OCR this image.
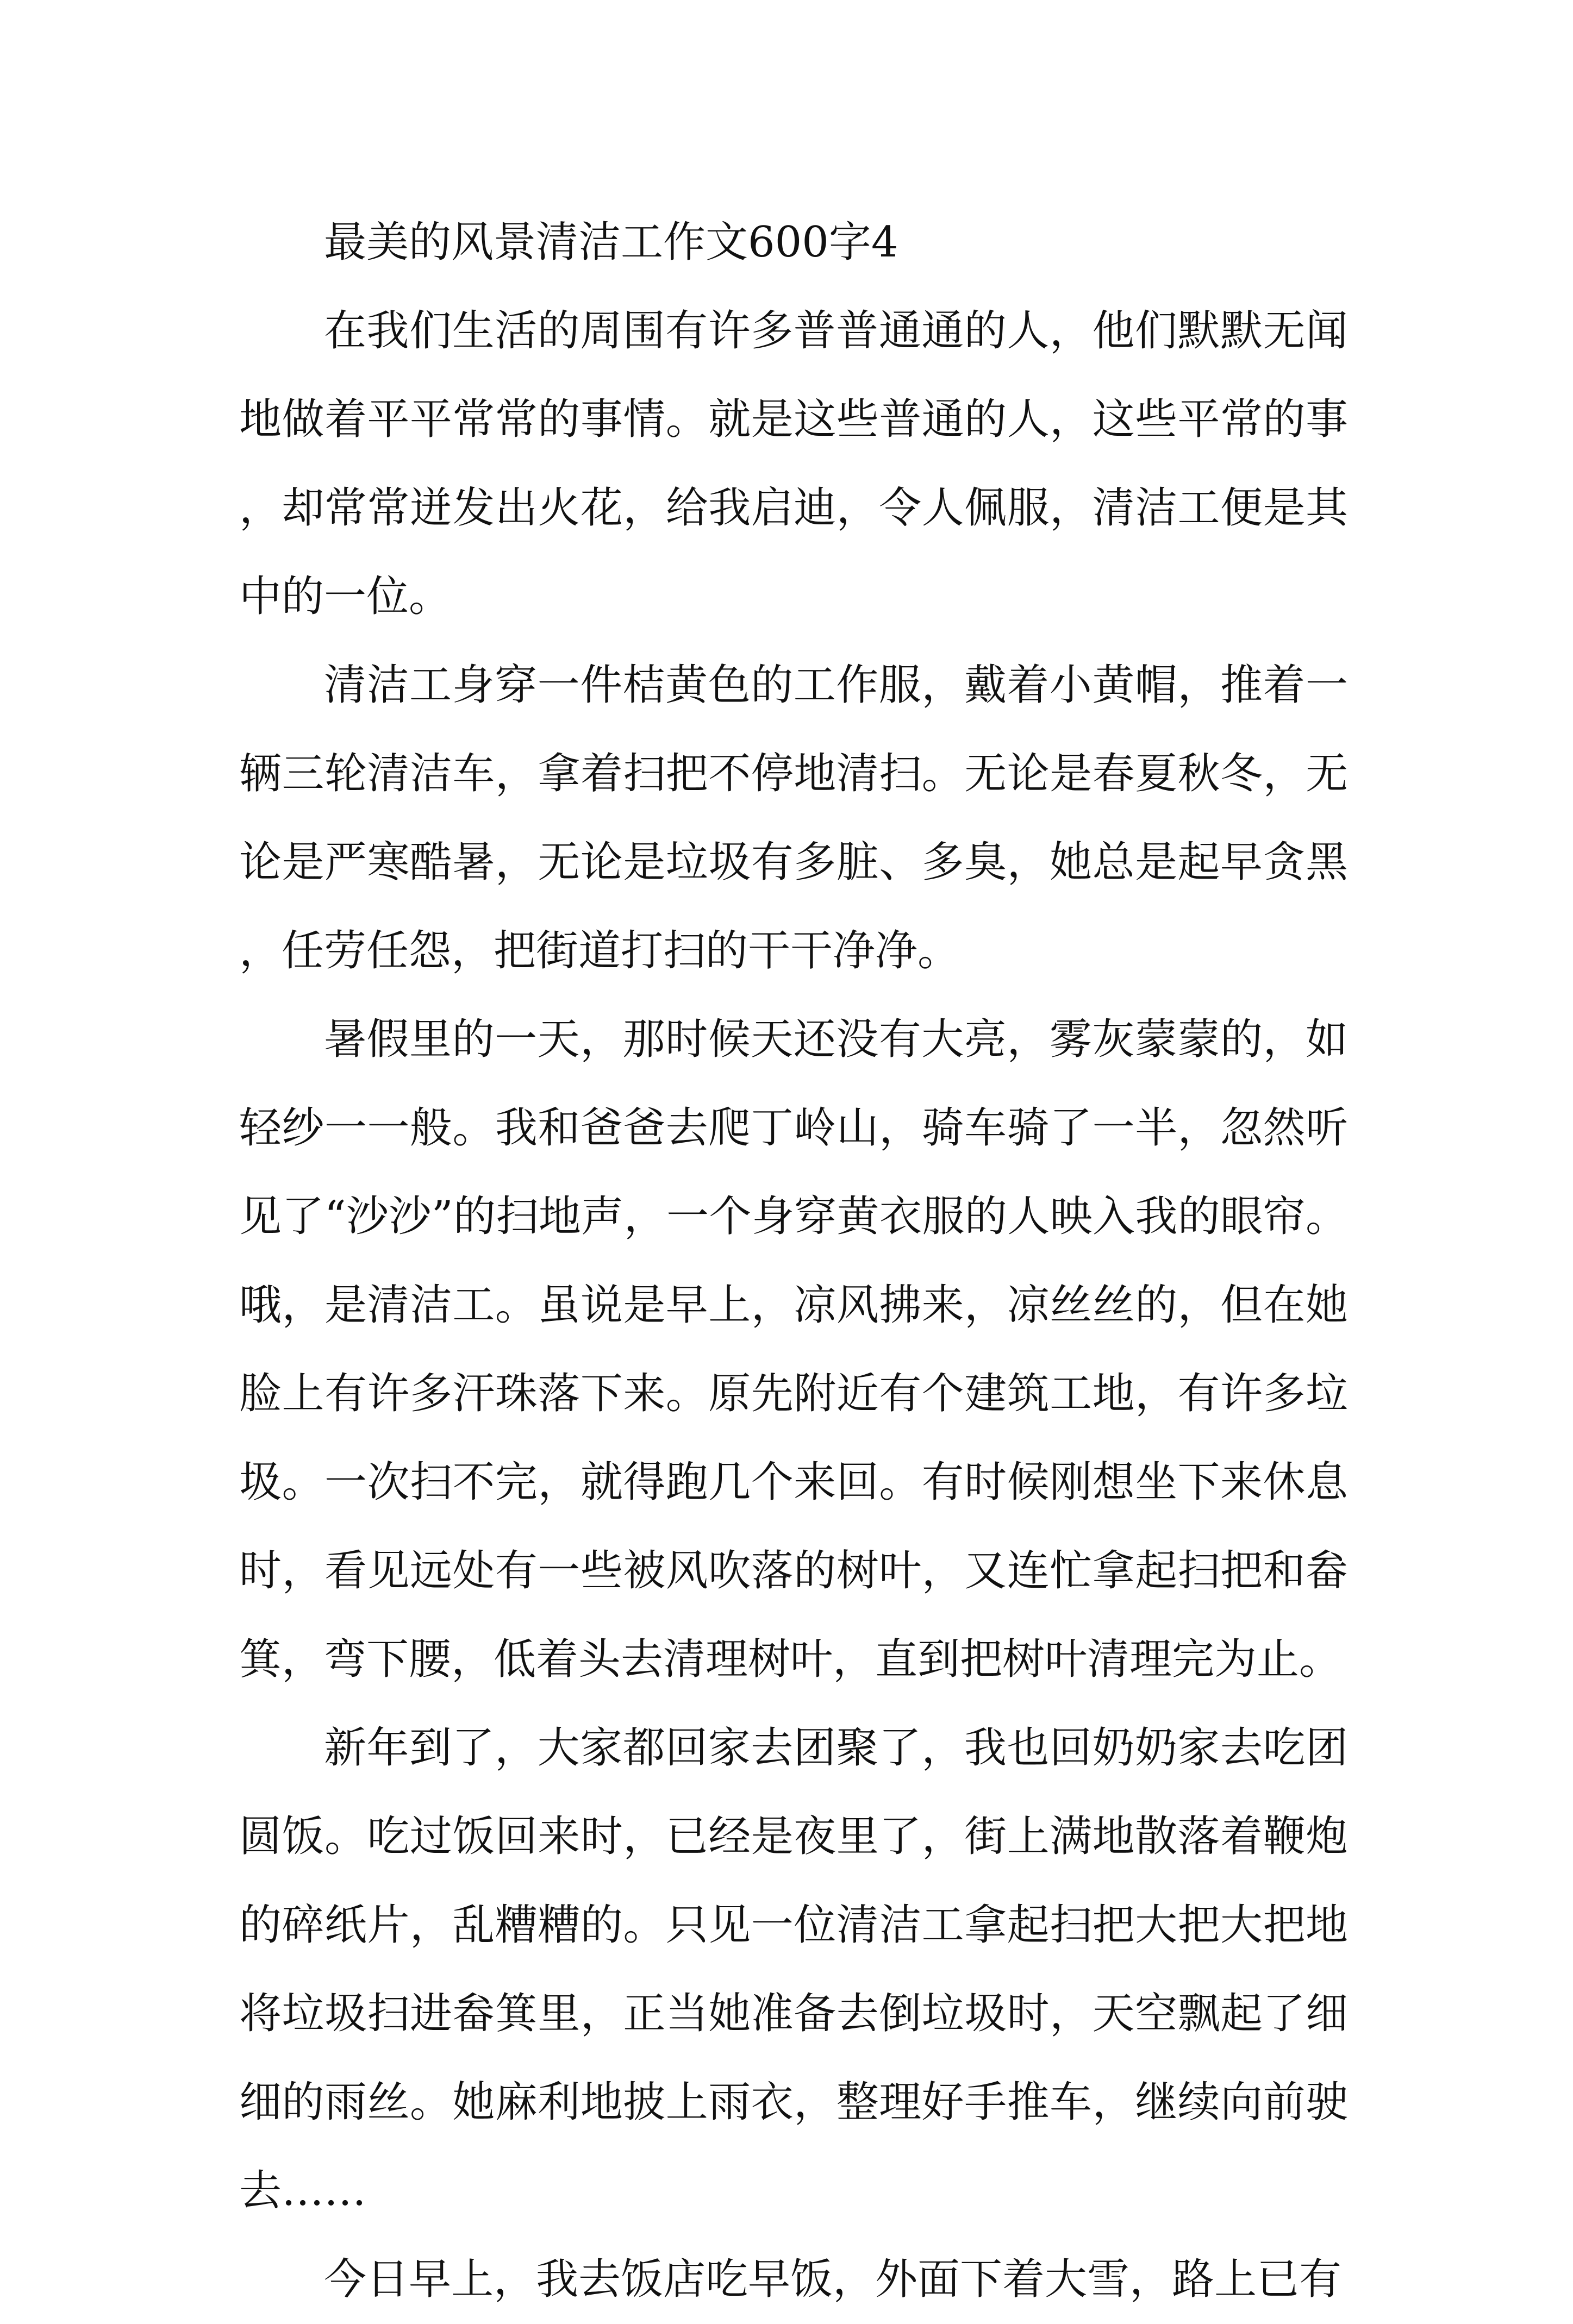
最美的风景清洁工作文600字4

在我们生活的周围有许多普普通通的人，他们默默无闻地做着平平常常的事情。就是这些普通的人，这些平常的事，却常常迸发出火花，给我启迪，令人佩服，清洁工便是其中的一位。

清洁工身穿一件桔黄色的工作服，戴着小黄帽，推着一辆三轮清洁车，拿着扫把不停地清扫。无论是春夏秋冬，无论是严寒酷暑，无论是垃圾有多脏、多臭，她总是起早贪黑，任劳任怨，把街道打扫的干干净净。

暑假里的一天，那时候天还没有大亮，雾灰蒙蒙的，如轻纱一一般。我和爸爸去爬丁岭山，骑车骑了一半，忽然听见了“沙沙”的扫地声，一个身穿黄衣服的人映入我的眼帘。哦，是清洁工。虽说是早上，凉风拂来，凉丝丝的，但在她脸上有许多汗珠落下来。原先附近有个建筑工地，有许多垃圾。一次扫不完，就得跑几个来回。有时候刚想坐下来休息时，看见远处有一些被风吹落的树叶，又连忙拿起扫把和畚箕，弯下腰，低着头去清理树叶，直到把树叶清理完为止。

新年到了，大家都回家去团聚了，我也回奶奶家去吃团圆饭。吃过饭回来时，已经是夜里了，街上满地散落着鞭炮的碎纸片，乱糟糟的。只见一位清洁工拿起扫把大把大把地将垃圾扫进畚箕里，正当她准备去倒垃圾时，天空飘起了细细的雨丝。她麻利地披上雨衣，整理好手推车，继续向前驶去……

今日早上，我去饭店吃早饭，外面下着大雪，路上已有
